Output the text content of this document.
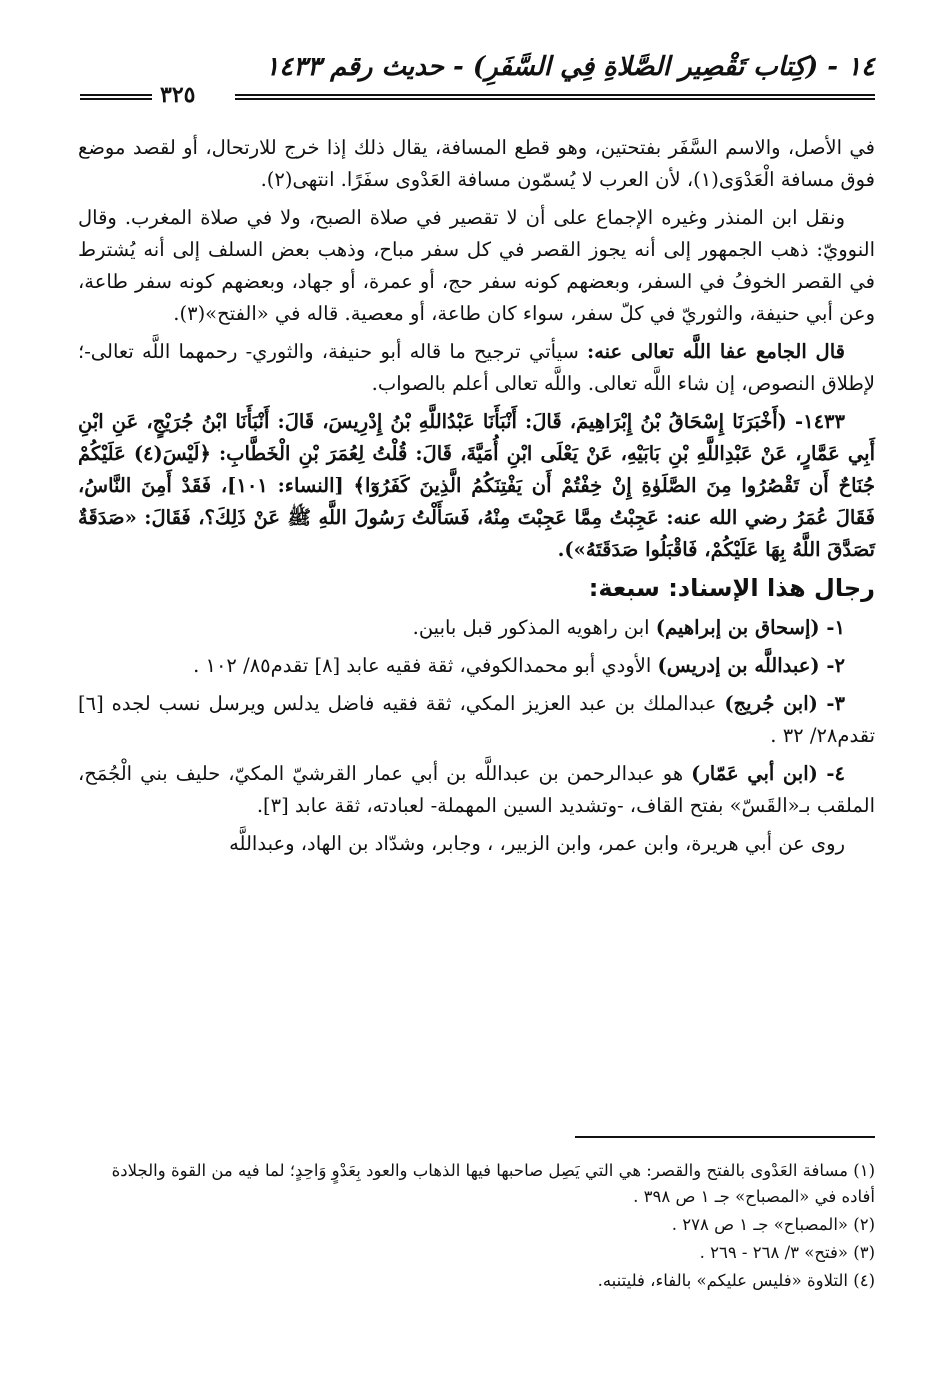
١٤ - (كِتاب تَقْصِير الصَّلاةِ فِي السَّفَرِ) - حديث رقم ١٤٣٣
٣٢٥

في الأصل، والاسم السَّفَر بفتحتين، وهو قطع المسافة، يقال ذلك إذا خرج للارتحال، أو لقصد موضع فوق مسافة الْعَدْوَى(١)، لأن العرب لا يُسمّون مسافة العَدْوى سفَرًا. انتهى(٢).

ونقل ابن المنذر وغيره الإجماع على أن لا تقصير في صلاة الصبح، ولا في صلاة المغرب. وقال النوويّ: ذهب الجمهور إلى أنه يجوز القصر في كل سفر مباح، وذهب بعض السلف إلى أنه يُشترط في القصر الخوفُ في السفر، وبعضهم كونه سفر حج، أو عمرة، أو جهاد، وبعضهم كونه سفر طاعة، وعن أبي حنيفة، والثوريّ في كلّ سفر، سواء كان طاعة، أو معصية. قاله في «الفتح»(٣).

قال الجامع عفا اللَّه تعالى عنه: سيأتي ترجيح ما قاله أبو حنيفة، والثوري- رحمهما اللَّه تعالى-؛ لإطلاق النصوص، إن شاء اللَّه تعالى. واللَّه تعالى أعلم بالصواب.

١٤٣٣- (أَخْبَرَنَا إِسْحَاقُ بْنُ إِبْرَاهِيمَ، قَالَ: أَنْبَأَنَا عَبْدُاللَّهِ بْنُ إِدْرِيسَ، قَالَ: أَنْبَأَنَا ابْنُ جُرَيْجٍ، عَنِ ابْنِ أَبِي عَمَّارٍ، عَنْ عَبْدِاللَّهِ بْنِ بَابَيْهِ، عَنْ يَعْلَى ابْنِ أُمَيَّةَ، قَالَ: قُلْتُ لِعُمَرَ بْنِ الْخَطَّابِ: ﴿لَيْسَ(٤) عَلَيْكُمْ جُنَاحٌ أَن تَقْصُرُوا مِنَ الصَّلَوٰةِ إِنْ خِفْتُمْ أَن يَفْتِنَكُمُ الَّذِينَ كَفَرُوٓا﴾ [النساء: ١٠١]، فَقَدْ أَمِنَ النَّاسُ، فَقَالَ عُمَرُ رضي الله عنه: عَجِبْتُ مِمَّا عَجِبْتَ مِنْهُ، فَسَأَلْتُ رَسُولَ اللَّهِ ﷺ عَنْ ذَلِكَ؟، فَقَالَ: «صَدَقَةٌ تَصَدَّقَ اللَّهُ بِهَا عَلَيْكُمْ، فَاقْبَلُوا صَدَقَتَهُ»).

رجال هذا الإسناد: سبعة:

١- (إسحاق بن إبراهيم) ابن راهويه المذكور قبل بابين.

٢- (عبداللَّه بن إدريس) الأودي أبو محمدالكوفي، ثقة فقيه عابد [٨] تقدم٨٥/ ١٠٢ .

٣- (ابن جُريج) عبدالملك بن عبد العزيز المكي، ثقة فقيه فاضل يدلس ويرسل نسب لجده [٦] تقدم٢٨/ ٣٢ .

٤- (ابن أبي عَمّار) هو عبدالرحمن بن عبداللَّه بن أبي عمار القرشيّ المكيّ، حليف بني الْجُمَح، الملقب بـ«القَسّ» بفتح القاف، -وتشديد السين المهملة- لعبادته، ثقة عابد [٣].

روى عن أبي هريرة، وابن عمر، وابن الزبير، ، وجابر، وشدّاد بن الهاد، وعبداللَّه

(١) مسافة العَدْوى بالفتح والقصر: هي التي يَصِل صاحبها فيها الذهاب والعود بِعَدْوٍ وَاحِدٍ؛ لما فيه من القوة والجلادة أفاده في «المصباح» جـ ١ ص ٣٩٨ .

(٢) «المصباح» جـ ١ ص ٢٧٨ .

(٣) «فتح» ٣/ ٢٦٨ - ٢٦٩ .

(٤) التلاوة «فليس عليكم» بالفاء، فليتنبه.
